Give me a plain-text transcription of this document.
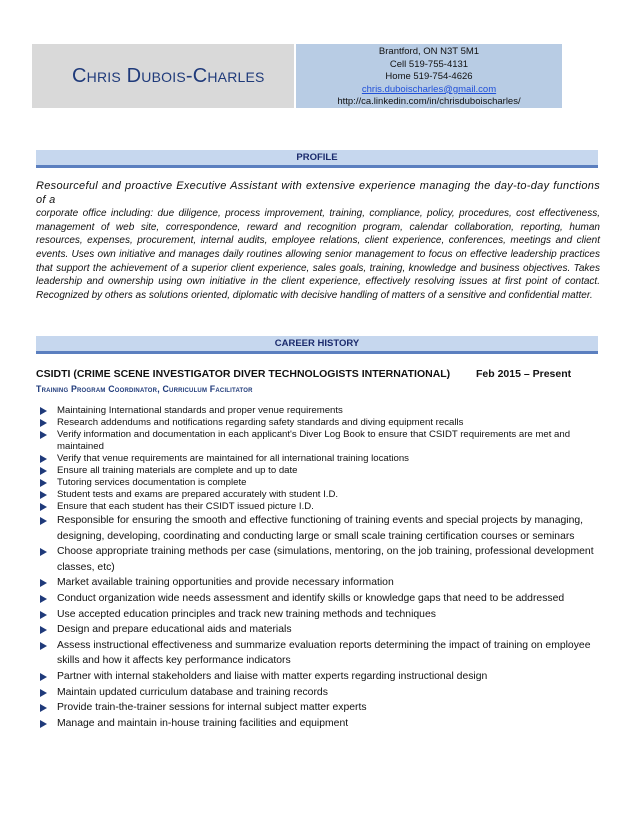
Chris Dubois-Charles
Brantford, ON N3T 5M1
Cell 519-755-4131
Home 519-754-4626
chris.duboischarles@gmail.com
http://ca.linkedin.com/in/chrisduboischarles/
PROFILE
Resourceful and proactive Executive Assistant with extensive experience managing the day-to-day functions of a
corporate office including: due diligence, process improvement, training, compliance, policy, procedures, cost effectiveness, management of web site, correspondence, reward and recognition program, calendar collaboration, reporting, human resources, expenses, procurement, internal audits, employee relations, client experience, conferences, meetings and client events. Uses own initiative and manages daily routines allowing senior management to focus on effective leadership practices that support the achievement of a superior client experience, sales goals, training, knowledge and business objectives. Takes leadership and ownership using own initiative in the client experience, effectively resolving issues at first point of contact. Recognized by others as solutions oriented, diplomatic with decisive handling of matters of a sensitive and confidential matter.
CAREER HISTORY
CSIDTI (CRIME SCENE INVESTIGATOR DIVER TECHNOLOGISTS INTERNATIONAL)	Feb 2015 – Present
Training Program Coordinator, Curriculum Facilitator
Maintaining International standards and proper venue requirements
Research addendums and notifications regarding safety standards and diving equipment recalls
Verify information and documentation in each applicant's Diver Log Book to ensure that CSIDT requirements are met and maintained
Verify that venue requirements are maintained for all international training locations
Ensure all training materials are complete and up to date
Tutoring services documentation is complete
Student tests and exams are prepared accurately with student I.D.
Ensure that each student has their CSIDT issued picture I.D.
Responsible for ensuring the smooth and effective functioning of training events and special projects by managing, designing, developing, coordinating and conducting large or small scale training certification courses or seminars
Choose appropriate training methods per case (simulations, mentoring, on the job training, professional development classes, etc)
Market available training opportunities and provide necessary information
Conduct organization wide needs assessment and identify skills or knowledge gaps that need to be addressed
Use accepted education principles and track new training methods and techniques
Design and prepare educational aids and materials
Assess instructional effectiveness and summarize evaluation reports determining the impact of training on employee skills and how it affects key performance indicators
Partner with internal stakeholders and liaise with matter experts regarding instructional design
Maintain updated curriculum database and training records
Provide train-the-trainer sessions for internal subject matter experts
Manage and maintain in-house training facilities and equipment
